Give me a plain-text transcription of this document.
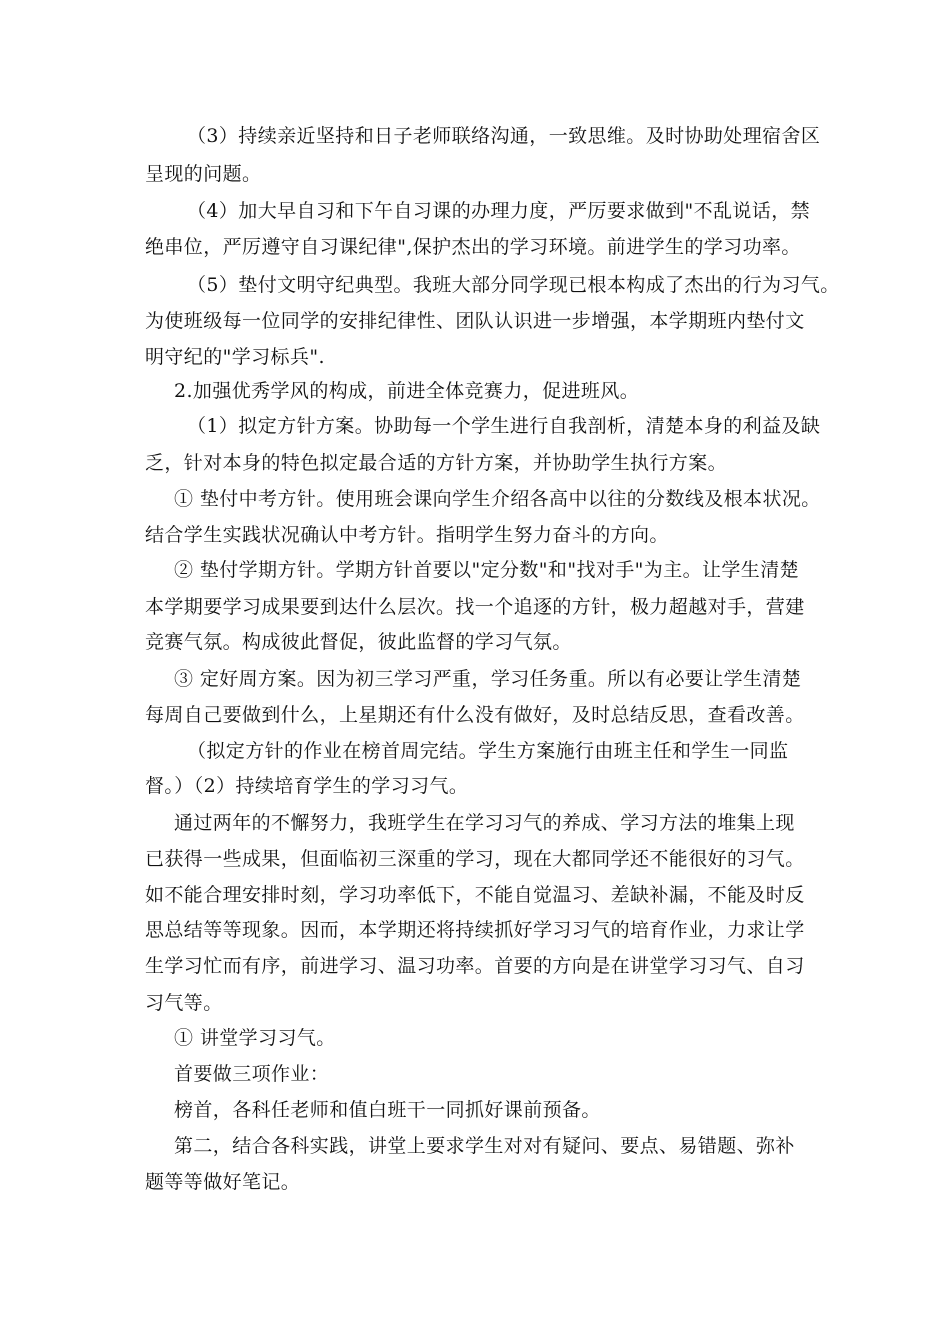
（3）持续亲近坚持和日子老师联络沟通，一致思维。及时协助处理宿舍区
呈现的问题。
（4）加大早自习和下午自习课的办理力度，严厉要求做到"不乱说话，禁
绝串位，严厉遵守自习课纪律",保护杰出的学习环境。前进学生的学习功率。
（5）垫付文明守纪典型。我班大部分同学现已根本构成了杰出的行为习气。
为使班级每一位同学的安排纪律性、团队认识进一步增强，本学期班内垫付文
明守纪的"学习标兵".
2.加强优秀学风的构成，前进全体竞赛力，促进班风。
（1）拟定方针方案。协助每一个学生进行自我剖析，清楚本身的利益及缺
乏，针对本身的特色拟定最合适的方针方案，并协助学生执行方案。
① 垫付中考方针。使用班会课向学生介绍各高中以往的分数线及根本状况。
结合学生实践状况确认中考方针。指明学生努力奋斗的方向。
② 垫付学期方针。学期方针首要以"定分数"和"找对手"为主。让学生清楚
本学期要学习成果要到达什么层次。找一个追逐的方针，极力超越对手，营建
竞赛气氛。构成彼此督促，彼此监督的学习气氛。
③ 定好周方案。因为初三学习严重，学习任务重。所以有必要让学生清楚
每周自己要做到什么，上星期还有什么没有做好，及时总结反思，查看改善。
（拟定方针的作业在榜首周完结。学生方案施行由班主任和学生一同监
督。）（2）持续培育学生的学习习气。
通过两年的不懈努力，我班学生在学习习气的养成、学习方法的堆集上现
已获得一些成果，但面临初三深重的学习，现在大都同学还不能很好的习气。
如不能合理安排时刻，学习功率低下，不能自觉温习、差缺补漏，不能及时反
思总结等等现象。因而，本学期还将持续抓好学习习气的培育作业，力求让学
生学习忙而有序，前进学习、温习功率。首要的方向是在讲堂学习习气、自习
习气等。
① 讲堂学习习气。
首要做三项作业：
榜首，各科任老师和值白班干一同抓好课前预备。
第二，结合各科实践，讲堂上要求学生对对有疑问、要点、易错题、弥补
题等等做好笔记。
